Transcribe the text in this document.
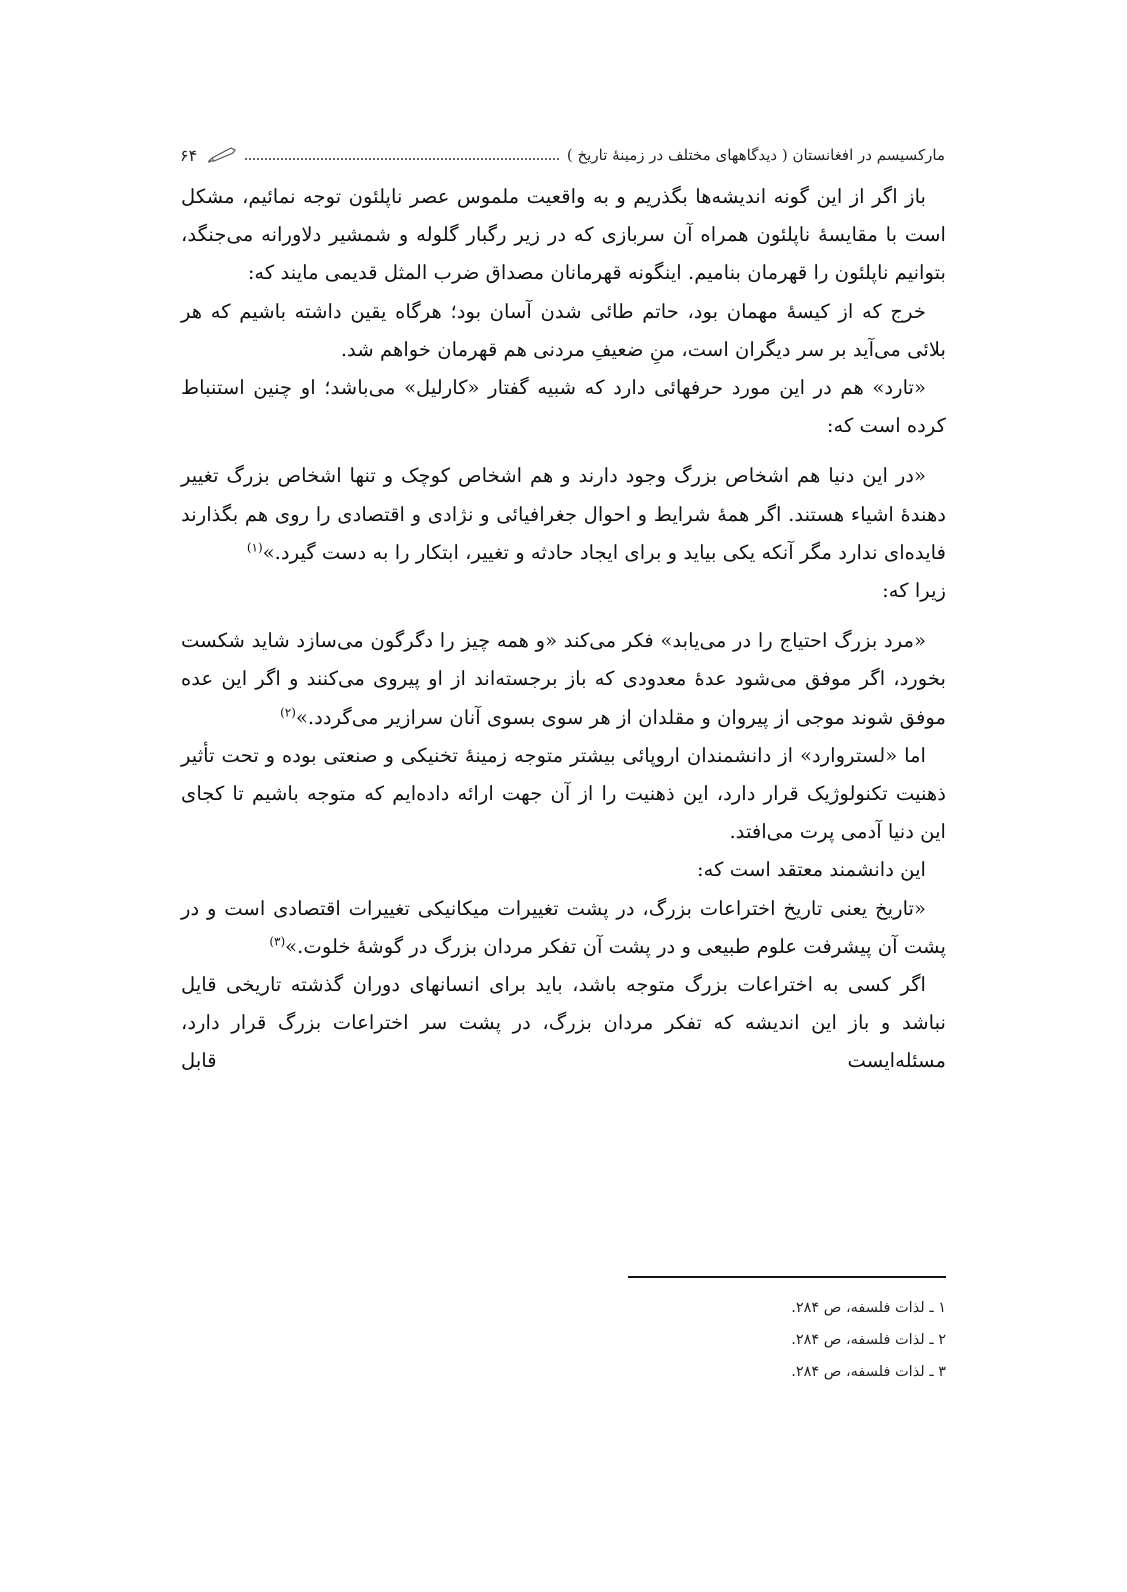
مارکسیسم در افغانستان ( دیدگاههای مختلف در زمینهٔ تاریخ )
۶۴

باز اگر از این گونه اندیشه‌ها بگذریم و به واقعیت ملموس عصر ناپلئون توجه نمائیم، مشکل است با مقایسهٔ ناپلئون همراه آن سربازی که در زیر رگبار گلوله و شمشیر دلاورانه می‌جنگد، بتوانیم ناپلئون را قهرمان بنامیم. اینگونه قهرمانان مصداق ضرب المثل قدیمی مایند که:

خرج که از کیسهٔ مهمان بود، حاتم طائی شدن آسان بود؛ هرگاه یقین داشته باشیم که هر بلائی می‌آید بر سر دیگران است، منِ ضعیفِ مردنی هم قهرمان خواهم شد.

«تارد» هم در این مورد حرفهائی دارد که شبیه گفتار «کارلیل» می‌باشد؛ او چنین استنباط کرده است که:

«در این دنیا هم اشخاص بزرگ وجود دارند و هم اشخاص کوچک و تنها اشخاص بزرگ تغییر دهندهٔ اشیاء هستند. اگر همهٔ شرایط و احوال جغرافیائی و نژادی و اقتصادی را روی هم بگذارند فایده‌ای ندارد مگر آنکه یکی بیاید و برای ایجاد حادثه و تغییر، ابتکار را به دست گیرد.»$^{(۱)}$

زیرا که:

«مرد بزرگ احتیاج را در می‌یابد» فکر می‌کند «و همه چیز را دگرگون می‌سازد شاید شکست بخورد، اگر موفق می‌شود عدهٔ معدودی که باز برجسته‌اند از او پیروی می‌کنند و اگر این عده موفق شوند موجی از پیروان و مقلدان از هر سوی بسوی آنان سرازیر می‌گردد.»$^{(۲)}$

اما «لستروارد» از دانشمندان اروپائی بیشتر متوجه زمینهٔ تخنیکی و صنعتی بوده و تحت تأثیر ذهنیت تکنولوژیک قرار دارد، این ذهنیت را از آن جهت ارائه داده‌ایم که متوجه باشیم تا کجای این دنیا آدمی پرت می‌افتد.

این دانشمند معتقد است که:

«تاریخ یعنی تاریخ اختراعات بزرگ، در پشت تغییرات میکانیکی تغییرات اقتصادی است و در پشت آن پیشرفت علوم طبیعی و در پشت آن تفکر مردان بزرگ در گوشهٔ خلوت.»$^{(۳)}$

اگر کسی به اختراعات بزرگ متوجه باشد، باید برای انسانهای دوران گذشته تاریخی قایل نباشد و باز این اندیشه که تفکر مردان بزرگ، در پشت سر اختراعات بزرگ قرار دارد، مسئله‌ایست قابل

۱ ـ لذات فلسفه، ص ۲۸۴.

۲ ـ لذات فلسفه، ص ۲۸۴.

۳ ـ لذات فلسفه، ص ۲۸۴.
